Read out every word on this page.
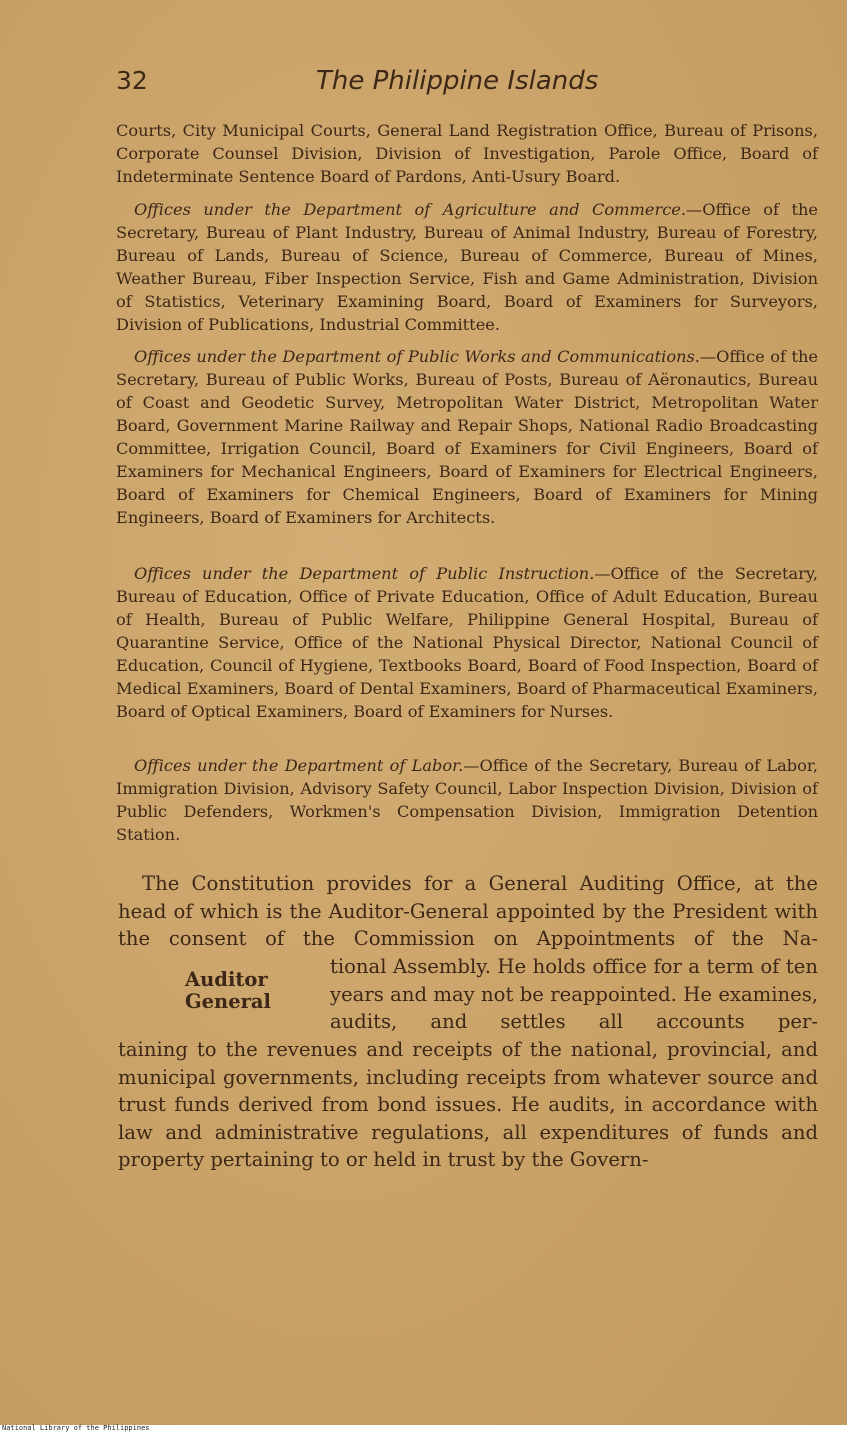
32	The Philippine Islands

Courts, City Municipal Courts, General Land Registration Office, Bureau of Prisons, Corporate Counsel Division, Division of Investigation, Parole Office, Board of Indeterminate Sentence Board of Pardons, Anti-Usury Board.

Offices under the Department of Agriculture and Commerce.—Office of the Secretary, Bureau of Plant Industry, Bureau of Animal Industry, Bureau of Forestry, Bureau of Lands, Bureau of Science, Bureau of Commerce, Bureau of Mines, Weather Bureau, Fiber Inspection Service, Fish and Game Administration, Division of Statistics, Veterinary Examining Board, Board of Examiners for Surveyors, Division of Publications, Industrial Committee.

Offices under the Department of Public Works and Communications.—Office of the Secretary, Bureau of Public Works, Bureau of Posts, Bureau of Aëronautics, Bureau of Coast and Geodetic Survey, Metropolitan Water District, Metropolitan Water Board, Government Marine Railway and Repair Shops, National Radio Broadcasting Committee, Irrigation Council, Board of Examiners for Civil Engineers, Board of Examiners for Mechanical Engineers, Board of Examiners for Electrical Engineers, Board of Examiners for Chemical Engineers, Board of Examiners for Mining Engineers, Board of Examiners for Architects.

Offices under the Department of Public Instruction.—Office of the Secretary, Bureau of Education, Office of Private Education, Office of Adult Education, Bureau of Health, Bureau of Public Welfare, Philippine General Hospital, Bureau of Quarantine Service, Office of the National Physical Director, National Council of Education, Council of Hygiene, Textbooks Board, Board of Food Inspection, Board of Medical Examiners, Board of Dental Examiners, Board of Pharmaceutical Examiners, Board of Optical Examiners, Board of Examiners for Nurses.

Offices under the Department of Labor.—Office of the Secretary, Bureau of Labor, Immigration Division, Advisory Safety Council, Labor Inspection Division, Division of Public Defenders, Workmen's Compensation Division, Immigration Detention Station.

The Constitution provides for a General Auditing Office, at the head of which is the Auditor-General appointed by the President with the consent of the Commission on Appointments of the Na-

Auditor
General

tional Assembly. He holds office for a term of ten years and may not be reappointed. He examines, audits, and settles all accounts per-

taining to the revenues and receipts of the national, provincial, and municipal governments, including receipts from whatever source and trust funds derived from bond issues. He audits, in accordance with law and administrative regulations, all expenditures of funds and property pertaining to or held in trust by the Govern-

National Library of the Philippines
